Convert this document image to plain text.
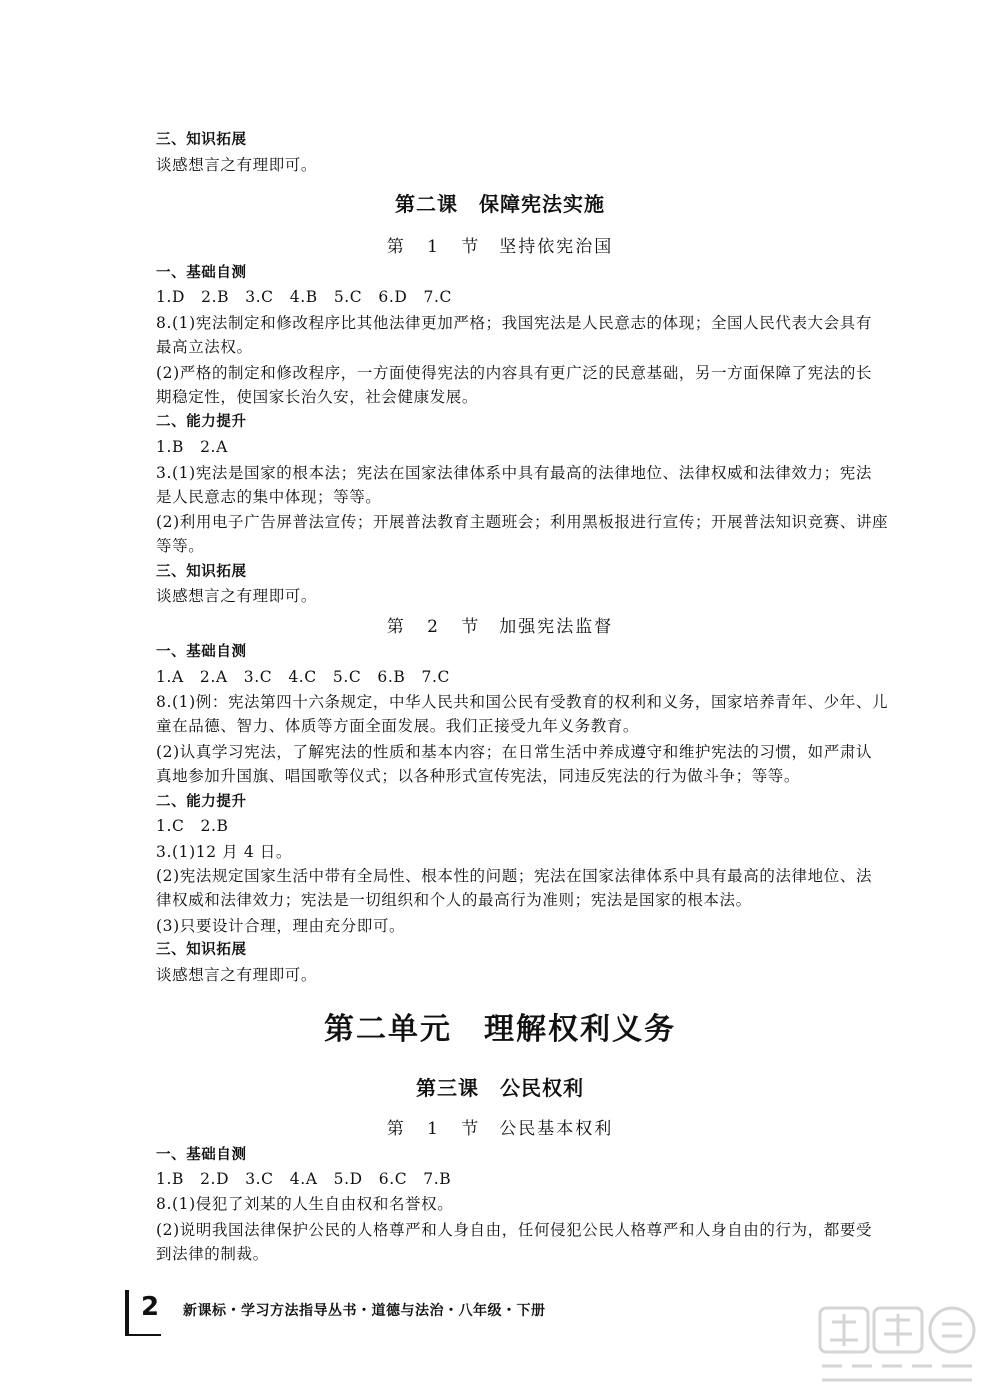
三、知识拓展
谈感想言之有理即可。
第二课　保障宪法实施
第 1 节　坚持依宪治国
一、基础自测
1.D　2.B　3.C　4.B　5.C　6.D　7.C
8.(1)宪法制定和修改程序比其他法律更加严格；我国宪法是人民意志的体现；全国人民代表大会具有
最高立法权。
(2)严格的制定和修改程序，一方面使得宪法的内容具有更广泛的民意基础，另一方面保障了宪法的长
期稳定性，使国家长治久安，社会健康发展。
二、能力提升
1.B　2.A
3.(1)宪法是国家的根本法；宪法在国家法律体系中具有最高的法律地位、法律权威和法律效力；宪法
是人民意志的集中体现；等等。
(2)利用电子广告屏普法宣传；开展普法教育主题班会；利用黑板报进行宣传；开展普法知识竞赛、讲座
等等。
三、知识拓展
谈感想言之有理即可。
第 2 节　加强宪法监督
一、基础自测
1.A　2.A　3.C　4.C　5.C　6.B　7.C
8.(1)例：宪法第四十六条规定，中华人民共和国公民有受教育的权利和义务，国家培养青年、少年、儿
童在品德、智力、体质等方面全面发展。我们正接受九年义务教育。
(2)认真学习宪法，了解宪法的性质和基本内容；在日常生活中养成遵守和维护宪法的习惯，如严肃认
真地参加升国旗、唱国歌等仪式；以各种形式宣传宪法，同违反宪法的行为做斗争；等等。
二、能力提升
1.C　2.B
3.(1)12 月 4 日。
(2)宪法规定国家生活中带有全局性、根本性的问题；宪法在国家法律体系中具有最高的法律地位、法
律权威和法律效力；宪法是一切组织和个人的最高行为准则；宪法是国家的根本法。
(3)只要设计合理，理由充分即可。
三、知识拓展
谈感想言之有理即可。
第二单元　理解权利义务
第三课　公民权利
第 1 节　公民基本权利
一、基础自测
1.B　2.D　3.C　4.A　5.D　6.C　7.B
8.(1)侵犯了刘某的人生自由权和名誉权。
(2)说明我国法律保护公民的人格尊严和人身自由，任何侵犯公民人格尊严和人身自由的行为，都要受
到法律的制裁。
2 新课标・学习方法指导丛书・道德与法治・八年级・下册
